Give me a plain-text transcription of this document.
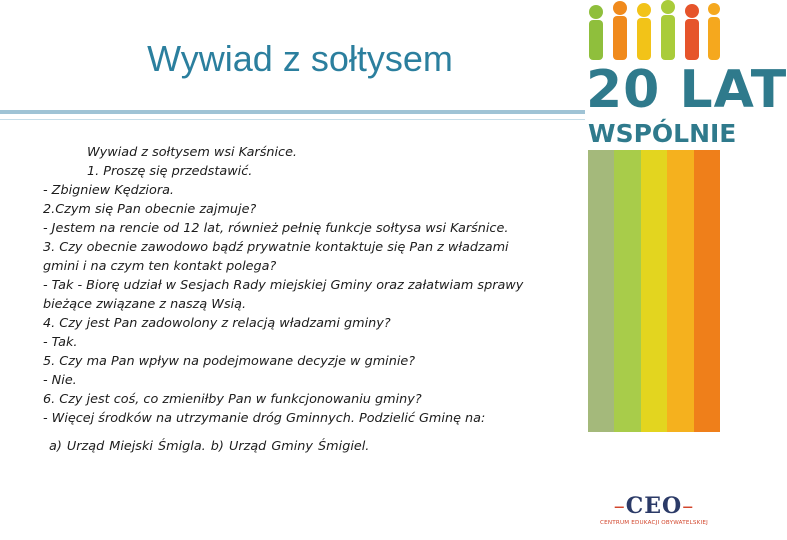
Wywiad z sołtysem

Wywiad z sołtysem wsi Karśnice.

1. Proszę się przedstawić.

- Zbigniew Kędziora.

2.Czym się Pan obecnie zajmuje?

- Jestem na rencie od 12 lat, również pełnię funkcje sołtysa wsi Karśnice.

3. Czy obecnie zawodowo bądź prywatnie kontaktuje się Pan z władzami

gmini i na czym ten kontakt polega?

- Tak - Biorę udział w Sesjach Rady miejskiej Gminy oraz załatwiam sprawy

bieżące związane z naszą Wsią.

4. Czy jest Pan zadowolony z relacją władzami gminy?

- Tak.

5. Czy ma Pan wpływ na podejmowane decyzje w gminie?

- Nie.

6. Czy jest coś, co zmieniłby Pan w funkcjonowaniu gminy?

- Więcej środków na utrzymanie dróg Gminnych. Podzielić Gminę na:

a) Urząd Miejski Śmigla. b) Urząd Gminy Śmigiel.

20 LAT
WSPÓLNIE
–CEO–
CENTRUM EDUKACJI OBYWATELSKIEJ
